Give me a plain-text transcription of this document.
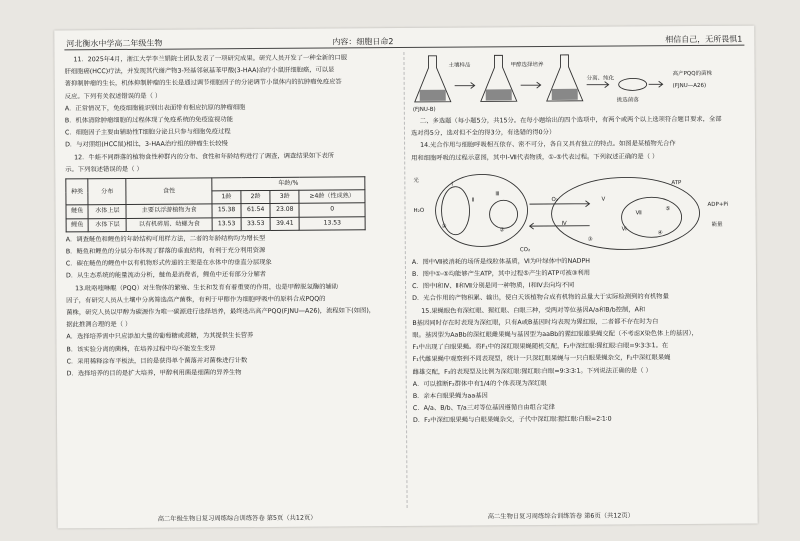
河北衡水中学高二年级生物	内容：细胞日命2	相信自己，无所畏惧1

11．2025年4月，浙江大学李兰娟院士团队发表了一项研究成果。研究人员开发了一种全新的口服

肝细胞癌(HCC)疗法，并发现其代谢产物3-羟基邻氨基苯甲酸(3-HAA)治疗小鼠肝细胞癌，可以显

著抑制肿瘤的生长，机体抑制肿瘤的生长是通过调节细胞因子的分泌调节小鼠体内的抗肿瘤免疫应答

反应。下列有关叙述错误的是（ ）

A．正常情况下，免疫细胞能识别出表面带有相应抗原的肿瘤细胞

B．机体清除肿瘤细胞的过程体现了免疫系统的免疫监视功能

C．细胞因子主要由辅助性T细胞分泌且只参与细胞免疫过程

D．与对照组(HCC鼠)相比，3-HAA治疗组的肿瘤生长较慢

12．牛蛙不同群落的植物食性种群内的分布、食性和年龄结构进行了调查，调查结果如下表所

示。下列叙述错误的是（ ）

种类	分布	食性	年龄/%			
			1龄	2龄	3龄	≥4龄（性成熟）
鲢鱼	水体上层	主要以浮游植物为食	15.38	61.54	23.08	0
鲤鱼	水体下层	以有机碎屑、幼螺为食	13.53	33.53	39.41	13.53

A．调查鲢鱼和鲤鱼的年龄结构可用样方法，二者的年龄结构均为增长型

B．鲢鱼和鲤鱼的分层分布体现了群落的垂直结构，有利于充分利用资源

C．碳在鲢鱼的鲤鱼中以有机物形式传递的主要是在水体中的垂直分层现象

D．从生态系统的能量流动分析，鲢鱼是消费者，鲤鱼中还有部分分解者

13.吡咯喹啉醌（PQQ）对生物体的繁殖、生长和发育有着重要的作用，也是甲醇脱氢酶的辅助

因子，有研究人员从土壤中分离筛选高产菌株，有利于甲醇作为细胞呼吸中的原料合成PQQ的

菌株，研究人员以甲醇为碳源作为唯一碳源进行选择培养，最终选出高产PQQ(FJNU—A26)，流程如下(如图)，

据此推测合理的是（ ）

A．选择培养需中只应添加大量的葡萄糖或蔗糖，为其提供生长营养

B．该实验分离的菌株，在培养过程中均不能发生变异

C．采用稀释涂布平板法，目的是获得单个菌落并对菌株进行计数

D．选择培养的目的是扩大培养，甲醇利用菌是细菌的异养生物

高二年级生物日复习周练综合训练答卷 第5页（共12页）
土壤样品	甲醇选择培养
(FJNU-B)
分离、纯化
挑选菌落
高产PQQ的菌株
(FJNU—A26)

二、多选题（每小题5分，共15分。在每小题给出的四个选项中，有两个或两个以上选项符合题目要求，全部

选对得5分，选对但不全的得3分，有选错的得0分）

14.光合作用与细胞呼吸相互依存、密不可分，各自又具有独立的特点。如图是某植物光合作

用和细胞呼吸的过程示意图，其中Ⅰ-Ⅶ代表物质，①-⑤代表过程。下列叙述正确的是（ ）

光
H₂O
CO₂
O₂
ATP
ADP+Pi
能量
Ⅰ
Ⅱ
Ⅲ
Ⅳ
Ⅴ
Ⅵ
Ⅶ
①
②
③
④
⑤

A．图中Ⅶ被消耗的场所是线粒体基质，Ⅵ为叶绿体中的NADPH

B．图中①-⑤均能够产生ATP，其中过程⑤产生的ATP可被③利用

C．图中Ⅰ和Ⅳ、Ⅱ和Ⅶ分别是同一种物质，Ⅰ和Ⅳ去向均不同

D．光合作用的产物积累、输出，使白天该植物合成有机物的总量大于实际检测到的有机物量

15.果蝇眼色有深红眼、猩红眼、白眼三种，受两对等位基因A/a和B/b控制，A和

B基因同时存在时表现为深红眼，只有A或B基因时均表现为猩红眼，二者都不存在时为白

眼。基因型为AaBb的深红眼雌果蝇与基因型为aaBb的猩红眼雄果蝇交配（不考虑X染色体上的基因），

F₁中出现了白眼果蝇。将F₁中的深红眼果蝇随机交配，F₂中深红眼∶猩红眼∶白眼=9∶3∶3∶1。在

F₁代雌果蝇中观察到不同表现型，统计一只深红眼果蝇与一只白眼果蝇杂交，F₂中深红眼果蝇

雌雄交配，F₃的表现型及比例为深红眼∶猩红眼∶白眼=9∶3∶3∶1。下列说法正确的是（ ）

A．可以推断F₂群体中有1/4的个体表现为深红眼

B．亲本白眼果蝇为aa基因

C．A/a、B/b、T/a三对等位基因遵循自由组合定律

D．F₂中深红眼果蝇与白眼果蝇杂交，子代中深红眼∶猩红眼∶白眼=2∶1∶0

高二生物日复习周练综合训练答卷 第6页（共12页）
